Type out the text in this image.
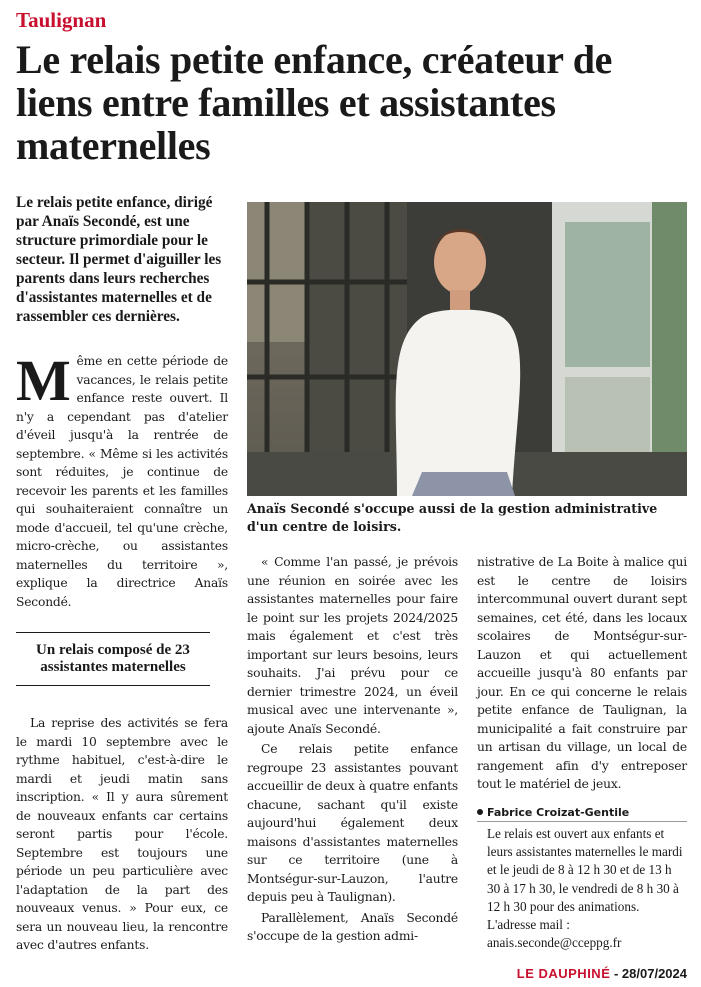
Taulignan

Le relais petite enfance, créateur de liens entre familles et assistantes maternelles

Le relais petite enfance, dirigé par Anaïs Secondé, est une structure primordiale pour le secteur. Il permet d'aiguiller les parents dans leurs recherches d'assistantes maternelles et de rassembler ces dernières.

Même en cette période de vacances, le relais petite enfance reste ouvert. Il n'y a cependant pas d'atelier d'éveil jusqu'à la rentrée de septembre. « Même si les activités sont réduites, je continue de recevoir les parents et les familles qui souhaiteraient connaître un mode d'accueil, tel qu'une crèche, micro-crèche, ou assistantes maternelles du territoire », explique la directrice Anaïs Secondé.

Un relais composé de 23 assistantes maternelles

La reprise des activités se fera le mardi 10 septembre avec le rythme habituel, c'est-à-dire le mardi et jeudi matin sans inscription. « Il y aura sûrement de nouveaux enfants car certains seront partis pour l'école. Septembre est toujours une période un peu particulière avec l'adaptation de la part des nouveaux venus. » Pour eux, ce sera un nouveau lieu, la rencontre avec d'autres enfants.

Anaïs Secondé s'occupe aussi de la gestion administrative d'un centre de loisirs.

« Comme l'an passé, je prévois une réunion en soirée avec les assistantes maternelles pour faire le point sur les projets 2024/2025 mais également et c'est très important sur leurs besoins, leurs souhaits. J'ai prévu pour ce dernier trimestre 2024, un éveil musical avec une intervenante », ajoute Anaïs Secondé.

Ce relais petite enfance regroupe 23 assistantes pouvant accueillir de deux à quatre enfants chacune, sachant qu'il existe aujourd'hui également deux maisons d'assistantes maternelles sur ce territoire (une à Montségur-sur-Lauzon, l'autre depuis peu à Taulignan).

Parallèlement, Anaïs Secondé s'occupe de la gestion admi-

nistrative de La Boite à malice qui est le centre de loisirs intercommunal ouvert durant sept semaines, cet été, dans les locaux scolaires de Montségur-sur-Lauzon et qui actuellement accueille jusqu'à 80 enfants par jour. En ce qui concerne le relais petite enfance de Taulignan, la municipalité a fait construire par un artisan du village, un local de rangement afin d'y entreposer tout le matériel de jeux.

Fabrice Croizat-Gentile

Le relais est ouvert aux enfants et leurs assistantes maternelles le mardi et le jeudi de 8 à 12 h 30 et de 13 h 30 à 17 h 30, le vendredi de 8 h 30 à 12 h 30 pour des animations. L'adresse mail : anais.seconde@cceppg.fr

LE DAUPHINÉ - 28/07/2024
